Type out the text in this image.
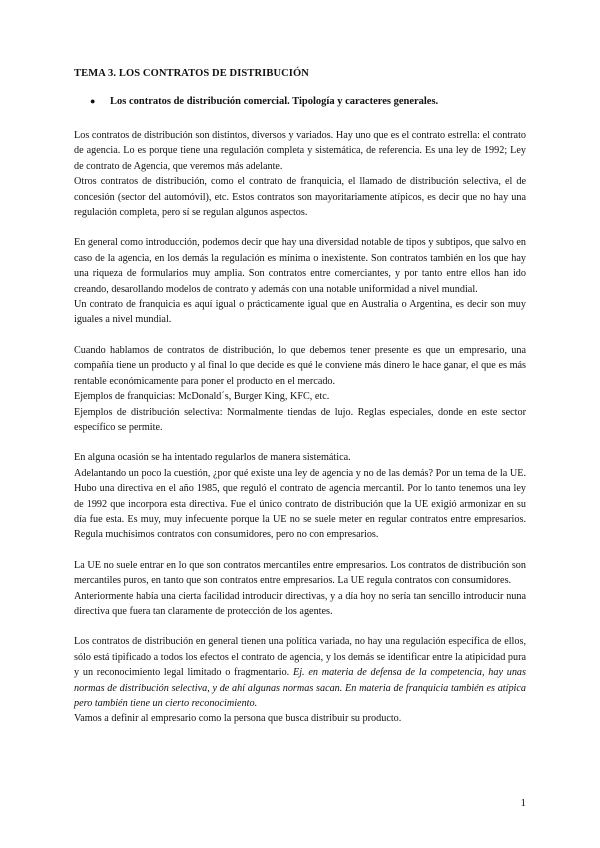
TEMA 3. LOS CONTRATOS DE DISTRIBUCIÓN
●	Los contratos de distribución comercial. Tipología y caracteres generales.

Los contratos de distribución son distintos, diversos y variados. Hay uno que es el contrato estrella: el contrato de agencia. Lo es porque tiene una regulación completa y sistemática, de referencia. Es una ley de 1992; Ley de contrato de Agencia, que veremos más adelante.

Otros contratos de distribución, como el contrato de franquicia, el llamado de distribución selectiva, el de concesión (sector del automóvil), etc. Estos contratos son mayoritariamente atípicos, es decir que no hay una regulación completa, pero sí se regulan algunos aspectos.

En general como introducción, podemos decir que hay una diversidad notable de tipos y subtipos, que salvo en caso de la agencia, en los demás la regulación es mínima o inexistente. Son contratos también en los que hay una riqueza de formularios muy amplia. Son contratos entre comerciantes, y por tanto entre ellos han ido creando, desarollando modelos de contrato y además con una notable uniformidad a nivel mundial.

Un contrato de franquicia es aquí igual o prácticamente igual que en Australia o Argentina, es decir son muy iguales a nivel mundial.

Cuando hablamos de contratos de distribución, lo que debemos tener presente es que un empresario, una compañía tiene un producto y al final lo que decide es qué le conviene más dinero le hace ganar, el que es más rentable económicamente para poner el producto en el mercado.

Ejemplos de franquicias: McDonald´s, Burger King, KFC, etc.

Ejemplos de distribución selectiva: Normalmente tiendas de lujo. Reglas especiales, donde en este sector específico se permite.

En alguna ocasión se ha intentado regularlos de manera sistemática.

Adelantando un poco la cuestión, ¿por qué existe una ley de agencia y no de las demás? Por un tema de la UE. Hubo una directiva en el año 1985, que reguló el contrato de agencia mercantil. Por lo tanto tenemos una ley de 1992 que incorpora esta directiva. Fue el único contrato de distribución que la UE exigió armonizar en su día fue esta. Es muy, muy infecuente porque la UE no se suele meter en regular contratos entre empresarios. Regula muchísimos contratos con consumidores, pero no con empresarios.

La UE no suele entrar en lo que son contratos mercantiles entre empresarios. Los contratos de distribución son mercantiles puros, en tanto que son contratos entre empresarios. La UE regula contratos con consumidores.

Anteriormente había una cierta facilidad introducir directivas, y a día hoy no sería tan sencillo introducir nuna directiva que fuera tan claramente de protección de los agentes.

Los contratos de distribución en general tienen una política variada, no hay una regulación específica de ellos, sólo está tipificado a todos los efectos el contrato de agencia, y los demás se identificar entre la atipicidad pura y un reconocimiento legal limitado o fragmentario. Ej. en materia de defensa de la competencia, hay unas normas de distribución selectiva, y de ahí algunas normas sacan. En materia de franquicia también es atípica pero también tiene un cierto reconocimiento.

Vamos a definir al empresario como la persona que busca distribuir su producto.

1
